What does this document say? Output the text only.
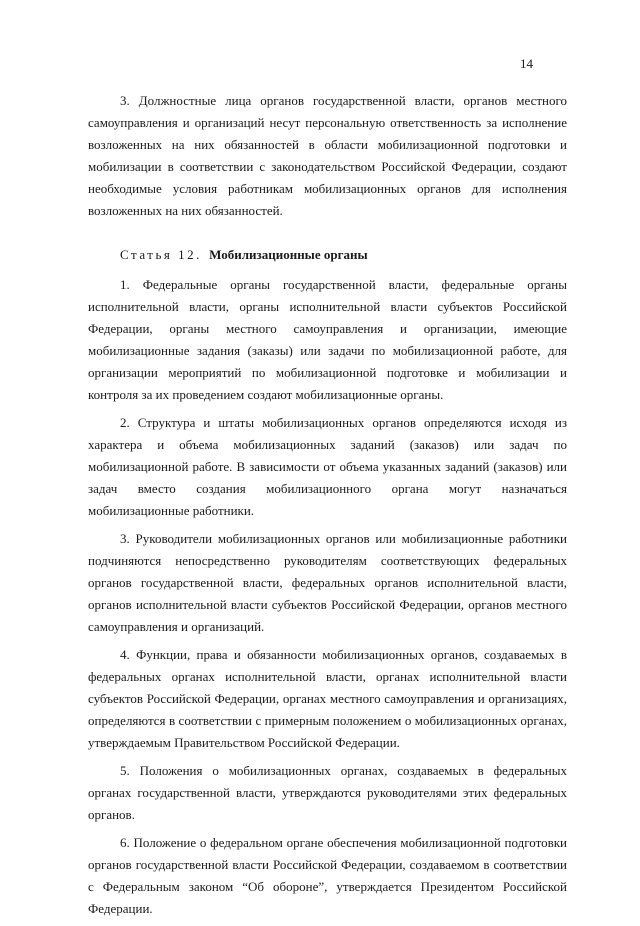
14

3. Должностные лица органов государственной власти, органов местного самоуправления и организаций несут персональную ответственность за исполнение возложенных на них обязанностей в области мобилизационной подготовки и мобилизации в соответствии с законодательством Российской Федерации, создают необходимые условия работникам мобилизационных органов для исполнения возложенных на них обязанностей.

Статья 12. Мобилизационные органы

1. Федеральные органы государственной власти, федеральные органы исполнительной власти, органы исполнительной власти субъектов Российской Федерации, органы местного самоуправления и организации, имеющие мобилизационные задания (заказы) или задачи по мобилизационной работе, для организации мероприятий по мобилизационной подготовке и мобилизации и контроля за их проведением создают мобилизационные органы.

2. Структура и штаты мобилизационных органов определяются исходя из характера и объема мобилизационных заданий (заказов) или задач по мобилизационной работе. В зависимости от объема указанных заданий (заказов) или задач вместо создания мобилизационного органа могут назначаться мобилизационные работники.

3. Руководители мобилизационных органов или мобилизационные работники подчиняются непосредственно руководителям соответствующих федеральных органов государственной власти, федеральных органов исполнительной власти, органов исполнительной власти субъектов Российской Федерации, органов местного самоуправления и организаций.

4. Функции, права и обязанности мобилизационных органов, создаваемых в федеральных органах исполнительной власти, органах исполнительной власти субъектов Российской Федерации, органах местного самоуправления и организациях, определяются в соответствии с примерным положением о мобилизационных органах, утверждаемым Правительством Российской Федерации.

5. Положения о мобилизационных органах, создаваемых в федеральных органах государственной власти, утверждаются руководителями этих федеральных органов.

6. Положение о федеральном органе обеспечения мобилизационной подготовки органов государственной власти Российской Федерации, создаваемом в соответствии с Федеральным законом “Об обороне”, утверждается Президентом Российской Федерации.
